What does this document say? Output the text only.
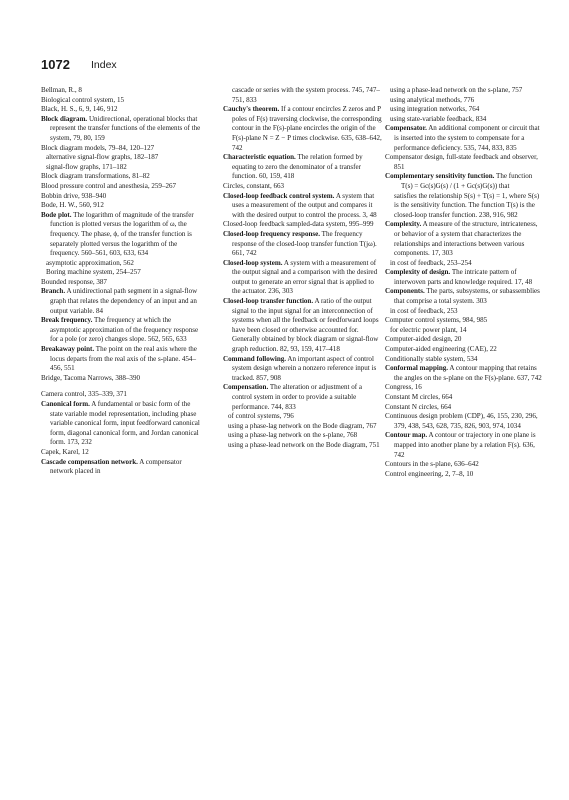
1072 Index

Bellman, R., 8

Biological control system, 15

Black, H. S., 6, 9, 146, 912

Block diagram. Unidirectional, operational blocks that represent the transfer functions of the elements of the system, 79, 80, 159

Block diagram models, 79–84, 120–127

alternative signal-flow graphs, 182–187

signal-flow graphs, 171–182

Block diagram transformations, 81–82

Blood pressure control and anesthesia, 259–267

Bobbin drive, 938–940

Bode, H. W., 560, 912

Bode plot. The logarithm of magnitude of the transfer function is plotted versus the logarithm of ω, the frequency. The phase, ϕ, of the transfer function is separately plotted versus the logarithm of the frequency. 560–561, 603, 633, 634

asymptotic approximation, 562

Boring machine system, 254–257

Bounded response, 387

Branch. A unidirectional path segment in a signal-flow graph that relates the dependency of an input and an output variable. 84

Break frequency. The frequency at which the asymptotic approximation of the frequency response for a pole (or zero) changes slope. 562, 565, 633

Breakaway point. The point on the real axis where the locus departs from the real axis of the s-plane. 454–456, 551

Bridge, Tacoma Narrows, 388–390

Camera control, 335–339, 371

Canonical form. A fundamental or basic form of the state variable model representation, including phase variable canonical form, input feedforward canonical form, diagonal canonical form, and Jordan canonical form. 173, 232

Capek, Karel, 12

Cascade compensation network. A compensator network placed in

cascade or series with the system process. 745, 747–751, 833

Cauchy's theorem. If a contour encircles Z zeros and P poles of F(s) traversing clockwise, the corresponding contour in the F(s)-plane encircles the origin of the F(s)-plane N = Z − P times clockwise. 635, 638–642, 742

Characteristic equation. The relation formed by equating to zero the denominator of a transfer function. 60, 159, 418

Circles, constant, 663

Closed-loop feedback control system. A system that uses a measurement of the output and compares it with the desired output to control the process. 3, 48

Closed-loop feedback sampled-data system, 995–999

Closed-loop frequency response. The frequency response of the closed-loop transfer function T(jω). 661, 742

Closed-loop system. A system with a measurement of the output signal and a comparison with the desired output to generate an error signal that is applied to the actuator. 236, 303

Closed-loop transfer function. A ratio of the output signal to the input signal for an interconnection of systems when all the feedback or feedforward loops have been closed or otherwise accounted for. Generally obtained by block diagram or signal-flow graph reduction. 82, 93, 159, 417–418

Command following. An important aspect of control system design wherein a nonzero reference input is tracked. 857, 908

Compensation. The alteration or adjustment of a control system in order to provide a suitable performance. 744, 833

of control systems, 796

using a phase-lag network on the Bode diagram, 767

using a phase-lag network on the s-plane, 768

using a phase-lead network on the Bode diagram, 751

using a phase-lead network on the s-plane, 757

using analytical methods, 776

using integration networks, 764

using state-variable feedback, 834

Compensator. An additional component or circuit that is inserted into the system to compensate for a performance deficiency. 535, 744, 833, 835

Compensator design, full-state feedback and observer, 851

Complementary sensitivity function. The function

T(s) = Gc(s)G(s) / (1 + Gc(s)G(s)) that

satisfies the relationship S(s) + T(s) = 1, where S(s) is the sensitivity function. The function T(s) is the closed-loop transfer function. 238, 916, 982

Complexity. A measure of the structure, intricateness, or behavior of a system that characterizes the relationships and interactions between various components. 17, 303

in cost of feedback, 253–254

Complexity of design. The intricate pattern of interwoven parts and knowledge required. 17, 48

Components. The parts, subsystems, or subassemblies that comprise a total system. 303

in cost of feedback, 253

Computer control systems, 984, 985

for electric power plant, 14

Computer-aided design, 20

Computer-aided engineering (CAE), 22

Conditionally stable system, 534

Conformal mapping. A contour mapping that retains the angles on the s-plane on the F(s)-plane. 637, 742

Congress, 16

Constant M circles, 664

Constant N circles, 664

Continuous design problem (CDP), 46, 155, 230, 296, 379, 438, 543, 628, 735, 826, 903, 974, 1034

Contour map. A contour or trajectory in one plane is mapped into another plane by a relation F(s). 636, 742

Contours in the s-plane, 636–642

Control engineering, 2, 7–8, 10
